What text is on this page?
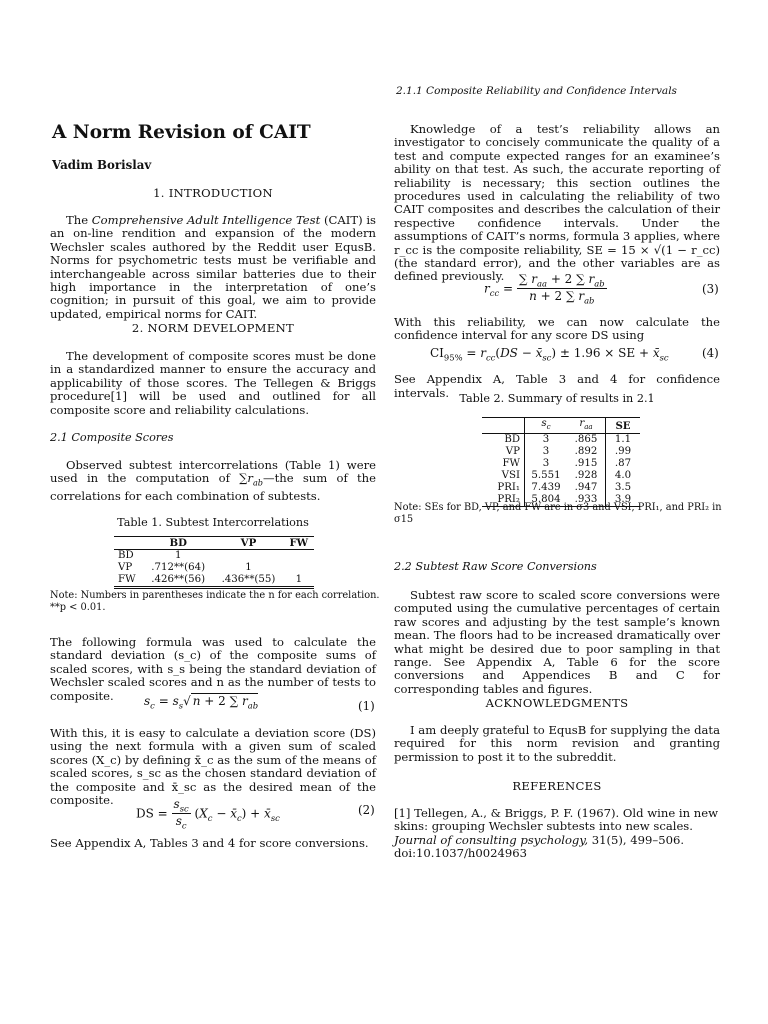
2.1.1 Composite Reliability and Confidence Intervals
A Norm Revision of CAIT
Vadim Borislav
1. INTRODUCTION

The Comprehensive Adult Intelligence Test (CAIT) is an on-line rendition and expansion of the modern Wechsler scales authored by the Reddit user EqusB. Norms for psychometric tests must be verifiable and interchangeable across similar batteries due to their high importance in the interpretation of one’s cognition; in pursuit of this goal, we aim to provide updated, empirical norms for CAIT.

2. NORM DEVELOPMENT

The development of composite scores must be done in a standardized manner to ensure the accuracy and applicability of those scores. The Tellegen & Briggs procedure[1] will be used and outlined for all composite score and reliability calculations.

2.1 Composite Scores

Observed subtest intercorrelations (Table 1) were used in the computation of $\sum r_{ab}—the$ sum of the correlations for each combination of subtests.

Table 1. Subtest Intercorrelations
	BD	VP	FW
BD	1		
VP	.712**(64)	1	
FW	.426**(56)	.436**(55)	1
Note: Numbers in parentheses indicate the n for each correlation.
**p < 0.01.

The following formula was used to calculate the standard deviation (s_c) of the composite sums of scaled scores, with s_s being the standard deviation of Wechsler scaled scores and n as the number of tests to composite.	$s_c = s_s√$ n + 2 ∑ $r_{ab}$	(1)

With this, it is easy to calculate a deviation score (DS) using the next formula with a given sum of scaled scores (X_c) by defining x̄_c as the sum of the means of scaled scores, s_sc as the chosen standard deviation of the composite and x̄_sc as the desired mean of the composite.

DS = $\frac{s_{sc}}{s_c} (X_c$ − $x̄_c$) + $x̄_{sc}$
(2)

See Appendix A, Tables 3 and 4 for score conversions.

Knowledge of a test’s reliability allows an investigator to concisely communicate the quality of a test and compute expected ranges for an examinee’s ability on that test. As such, the accurate reporting of reliability is necessary; this section outlines the procedures used in calculating the reliability of two CAIT composites and describes the calculation of their respective confidence intervals. Under the assumptions of CAIT’s norms, formula 3 applies, where r_cc is the composite reliability, SE = 15 × √(1 − r_cc) (the standard error), and the other variables are as defined previously.

$r_{cc} = \frac{\sum r_{aa} + 2 \sum r_{ab}}{n + 2 \sum r_{ab}}$	(3)

With this reliability, we can now calculate the confidence interval for any score DS using

$CI_{95\%} = r_{cc}(DS$ − $x̄_{sc}) \pm 1.96$ × SE + $x̄_{sc}$	(4)

See Appendix A, Table 3 and 4 for confidence intervals. Table 2. Summary of results in 2.1
	$s_c$	$r_{aa}$	SE
BD	3	.865	1.1
VP	3	.892	.99
FW	3	.915	.87
VSI	5.551	.928	4.0
PRI₁	7.439	.947	3.5
PRI₂	5.804	.933	3.9
Note: SEs for BD, VP, and FW are in σ3 and VSI, PRI₁, and PRI₂ in σ15
2.2 Subtest Raw Score Conversions

Subtest raw score to scaled score conversions were computed using the cumulative percentages of certain raw scores and adjusting by the test sample’s known mean. The floors had to be increased dramatically over what might be desired due to poor sampling in that range. See Appendix A, Table 6 for the score conversions and Appendices B and C for corresponding tables and figures.

ACKNOWLEDGMENTS

I am deeply grateful to EqusB for supplying the data required for this norm revision and granting permission to post it to the subreddit.

REFERENCES

[1] Tellegen, A., & Briggs, P. F. (1967). Old wine in new skins: grouping Wechsler subtests into new scales. Journal of consulting psychology, 31(5), 499–506. doi:10.1037/h0024963
